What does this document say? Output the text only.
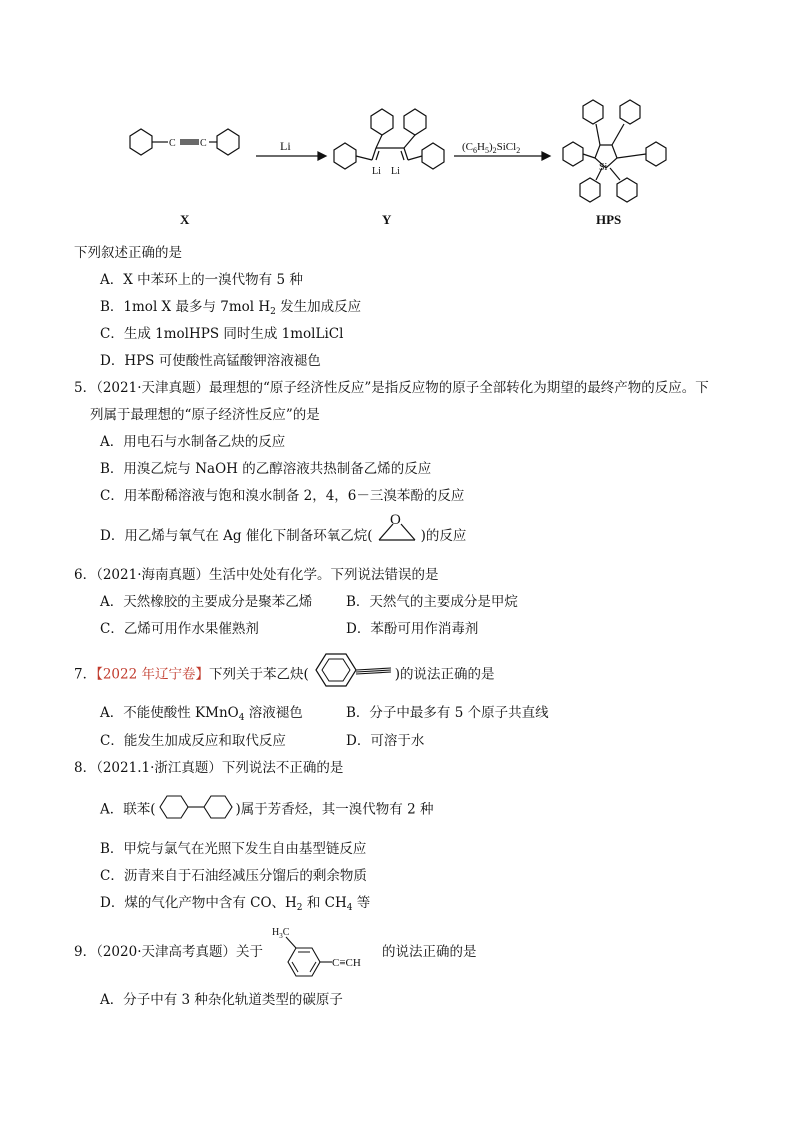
C C	Li
Li Li
$(C_6H_5)_2SiCl_2$
Si
X	Y	HPS
下列叙述正确的是
A．X 中苯环上的一溴代物有 5 种
B．1mol X 最多与 7mol $H_2$ 发生加成反应
C．生成 1molHPS 同时生成 1molLiCl
D．HPS 可使酸性高锰酸钾溶液褪色
5．（2021·天津真题）最理想的“原子经济性反应”是指反应物的原子全部转化为期望的最终产物的反应。下
列属于最理想的“原子经济性反应”的是
A．用电石与水制备乙炔的反应
B．用溴乙烷与 NaOH 的乙醇溶液共热制备乙烯的反应
C．用苯酚稀溶液与饱和溴水制备 2，4，6－三溴苯酚的反应
D．用乙烯与氧气在 Ag 催化下制备环氧乙烷(
O
)的反应
6．（2021·海南真题）生活中处处有化学。下列说法错误的是
A．天然橡胶的主要成分是聚苯乙烯	B．天然气的主要成分是甲烷
C．乙烯可用作水果催熟剂	D．苯酚可用作消毒剂
7．【2022 年辽宁卷】下列关于苯乙炔(	)的说法正确的是
A．不能使酸性 KMnO$_4$ 溶液褪色	B．分子中最多有 5 个原子共直线
C．能发生加成反应和取代反应	D．可溶于水
8．（2021.1·浙江真题）下列说法不正确的是
A．联苯(	)属于芳香烃，其一溴代物有 2 种
B．甲烷与氯气在光照下发生自由基型链反应
C．沥青来自于石油经减压分馏后的剩余物质
D．煤的气化产物中含有 CO、$H_2$ 和 $CH_4$ 等
9．（2020·天津高考真题）关于
$H_3C$
C≡CH
的说法正确的是
A．分子中有 3 种杂化轨道类型的碳原子
